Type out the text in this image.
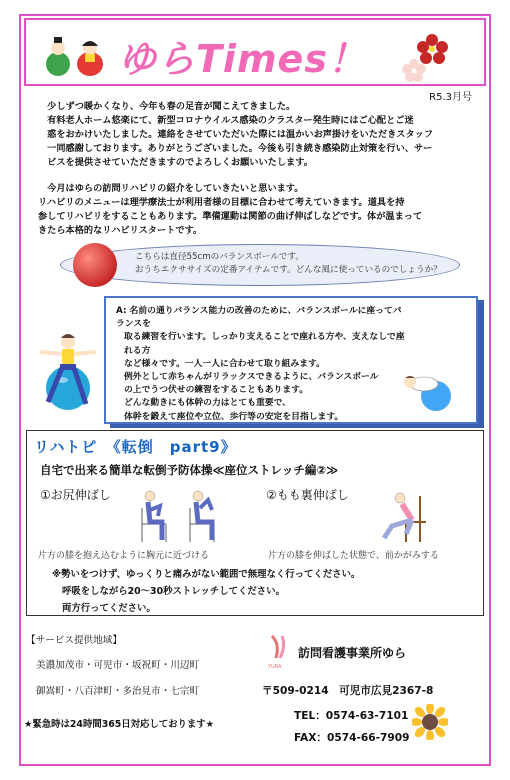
ゆらTimes！
R5.3月号
　少しずつ暖かくなり、今年も春の足音が聞こえてきました。
　有料老人ホーム悠楽にて、新型コロナウイルス感染のクラスター発生時にはご心配とご迷
　惑をおかけいたしました。連絡をさせていただいた際には温かいお声掛けをいただきスタッフ
　一同感謝しております。ありがとうございました。今後も引き続き感染防止対策を行い、サー
　ビスを提供させていただきますのでよろしくお願いいたします。
　今月はゆらの訪問リハビリの紹介をしていきたいと思います。
リハビリのメニューは理学療法士が利用者様の目標に合わせて考えていきます。道具を持
参してリハビリをすることもあります。準備運動は関節の曲げ伸ばしなどです。体が温まって
きたら本格的なリハビリスタートです。
こちらは直径55cmのバランスボールです。
おうちエクササイズの定番アイテムです。どんな風に使っているのでしょうか？
A: 名前の通りバランス能力の改善のために、バランスボールに座ってバランスを
取る練習を行います。しっかり支えることで座れる方や、支えなしで座れる方
など様々です。一人一人に合わせて取り組みます。
例外として赤ちゃんがリラックスできるように、バランスボール
の上でうつ伏せの練習をすることもあります。
どんな動きにも体幹の力はとても重要で、
体幹を鍛えて座位や立位、歩行等の安定を目指します。
リハトピ　《転倒　part9》
自宅で出来る簡単な転倒予防体操≪座位ストレッチ編②≫
①お尻伸ばし	②もも裏伸ばし
片方の膝を抱え込むように胸元に近づける	片方の膝を伸ばした状態で、前かがみする
※勢いをつけず、ゆっくりと痛みがない範囲で無理なく行ってください。
呼吸をしながら20～30秒ストレッチしてください。
両方行ってください。
【サービス提供地域】
美濃加茂市・可児市・坂祝町・川辺町
御嵩町・八百津町・多治見市・七宗町
★緊急時は24時間365日対応しております★
YURA
訪問看護事業所ゆら
〒509-0214　可児市広見2367-8
TEL：0574-63-7101
FAX：0574-66-7909
